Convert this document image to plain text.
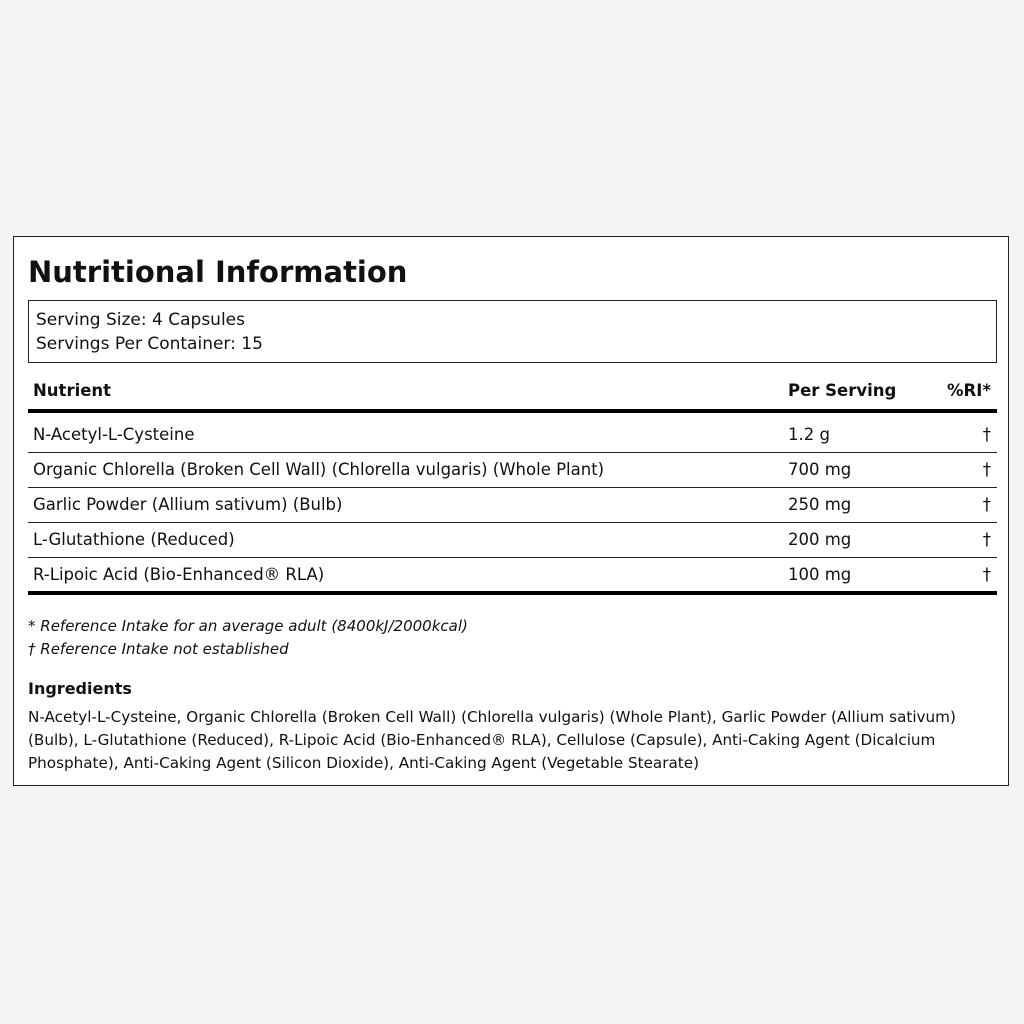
Nutritional Information
Serving Size: 4 Capsules
Servings Per Container: 15
Nutrient	Per Serving	%RI*
N-Acetyl-L-Cysteine	1.2 g	†
Organic Chlorella (Broken Cell Wall) (Chlorella vulgaris) (Whole Plant)	700 mg	†
Garlic Powder (Allium sativum) (Bulb)	250 mg	†
L-Glutathione (Reduced)	200 mg	†
R-Lipoic Acid (Bio-Enhanced® RLA)	100 mg	†
* Reference Intake for an average adult (8400kJ/2000kcal)
† Reference Intake not established
Ingredients

N-Acetyl-L-Cysteine, Organic Chlorella (Broken Cell Wall) (Chlorella vulgaris) (Whole Plant), Garlic Powder (Allium sativum) (Bulb), L-Glutathione (Reduced), R-Lipoic Acid (Bio-Enhanced® RLA), Cellulose (Capsule), Anti-Caking Agent (Dicalcium Phosphate), Anti-Caking Agent (Silicon Dioxide), Anti-Caking Agent (Vegetable Stearate)
